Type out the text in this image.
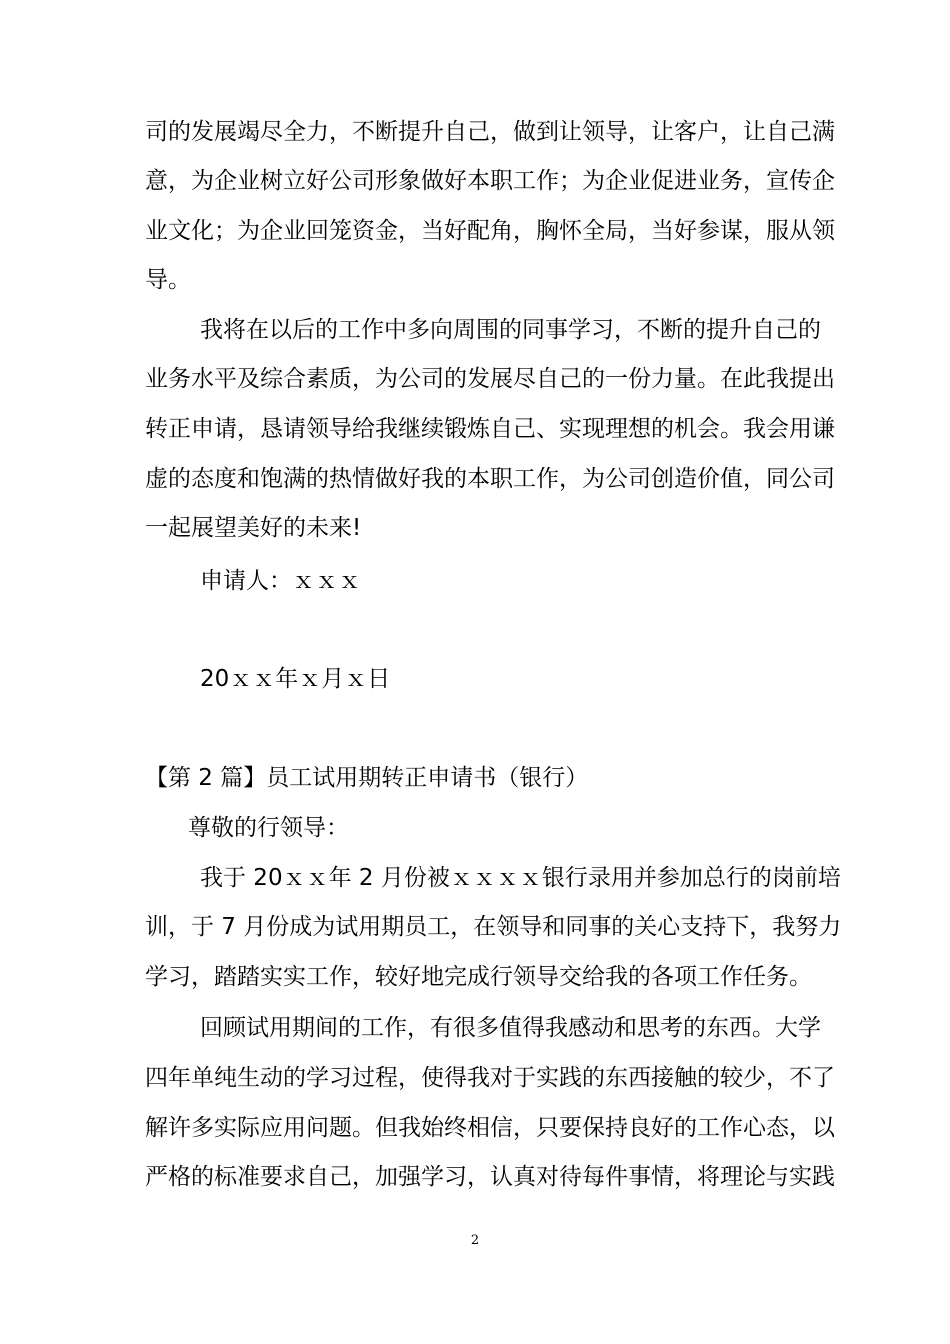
司的发展竭尽全力，不断提升自己，做到让领导，让客户，让自己满
意，为企业树立好公司形象做好本职工作；为企业促进业务，宣传企
业文化；为企业回笼资金，当好配角，胸怀全局，当好参谋，服从领
导。
我将在以后的工作中多向周围的同事学习，不断的提升自己的
业务水平及综合素质，为公司的发展尽自己的一份力量。在此我提出
转正申请，恳请领导给我继续锻炼自己、实现理想的机会。我会用谦
虚的态度和饱满的热情做好我的本职工作，为公司创造价值，同公司
一起展望美好的未来!
申请人：ｘｘｘ
20ｘｘ年ｘ月ｘ日
【第 2 篇】员工试用期转正申请书（银行）
尊敬的行领导：
我于 20ｘｘ年 2 月份被ｘｘｘｘ银行录用并参加总行的岗前培
训，于 7 月份成为试用期员工，在领导和同事的关心支持下，我努力
学习，踏踏实实工作，较好地完成行领导交给我的各项工作任务。
回顾试用期间的工作，有很多值得我感动和思考的东西。大学
四年单纯生动的学习过程，使得我对于实践的东西接触的较少，不了
解许多实际应用问题。但我始终相信，只要保持良好的工作心态，以
严格的标准要求自己，加强学习，认真对待每件事情，将理论与实践
2
